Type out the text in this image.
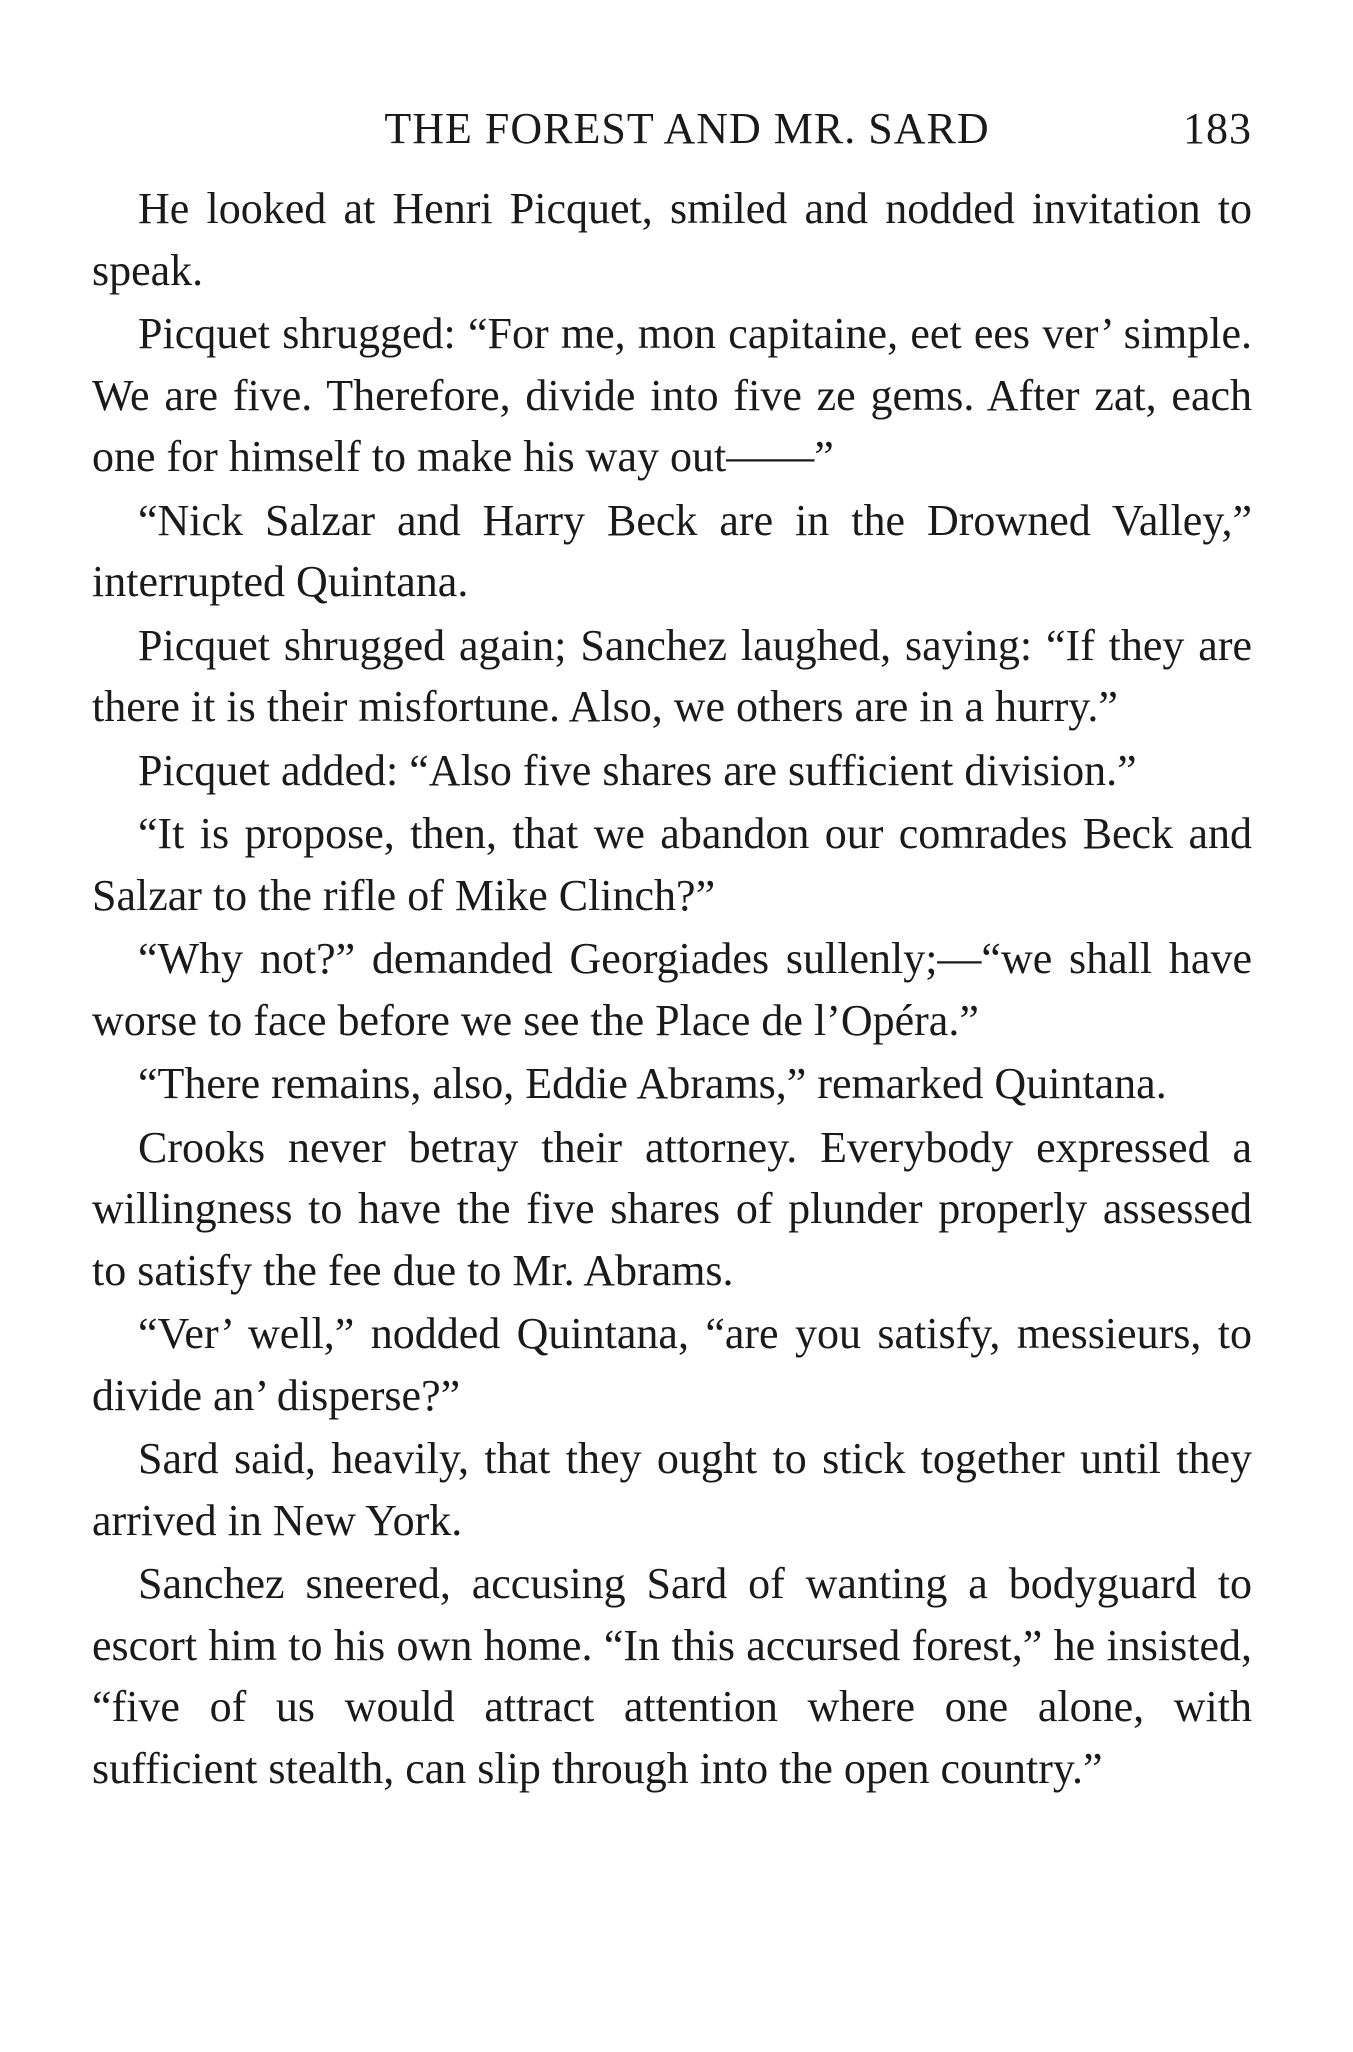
THE FOREST AND MR. SARD	183

He looked at Henri Picquet, smiled and nodded invitation to speak.

Picquet shrugged: “For me, mon capitaine, eet ees ver’ simple. We are five. Therefore, divide into five ze gems. After zat, each one for himself to make his way out——”

“Nick Salzar and Harry Beck are in the Drowned Valley,” interrupted Quintana.

Picquet shrugged again; Sanchez laughed, saying: “If they are there it is their misfortune. Also, we others are in a hurry.”

Picquet added: “Also five shares are sufficient division.”

“It is propose, then, that we abandon our comrades Beck and Salzar to the rifle of Mike Clinch?”

“Why not?” demanded Georgiades sullenly;—“we shall have worse to face before we see the Place de l’Opéra.”

“There remains, also, Eddie Abrams,” remarked Quintana.

Crooks never betray their attorney. Everybody expressed a willingness to have the five shares of plunder properly assessed to satisfy the fee due to Mr. Abrams.

“Ver’ well,” nodded Quintana, “are you satisfy, messieurs, to divide an’ disperse?”

Sard said, heavily, that they ought to stick together until they arrived in New York.

Sanchez sneered, accusing Sard of wanting a bodyguard to escort him to his own home. “In this accursed forest,” he insisted, “five of us would attract attention where one alone, with sufficient stealth, can slip through into the open country.”
